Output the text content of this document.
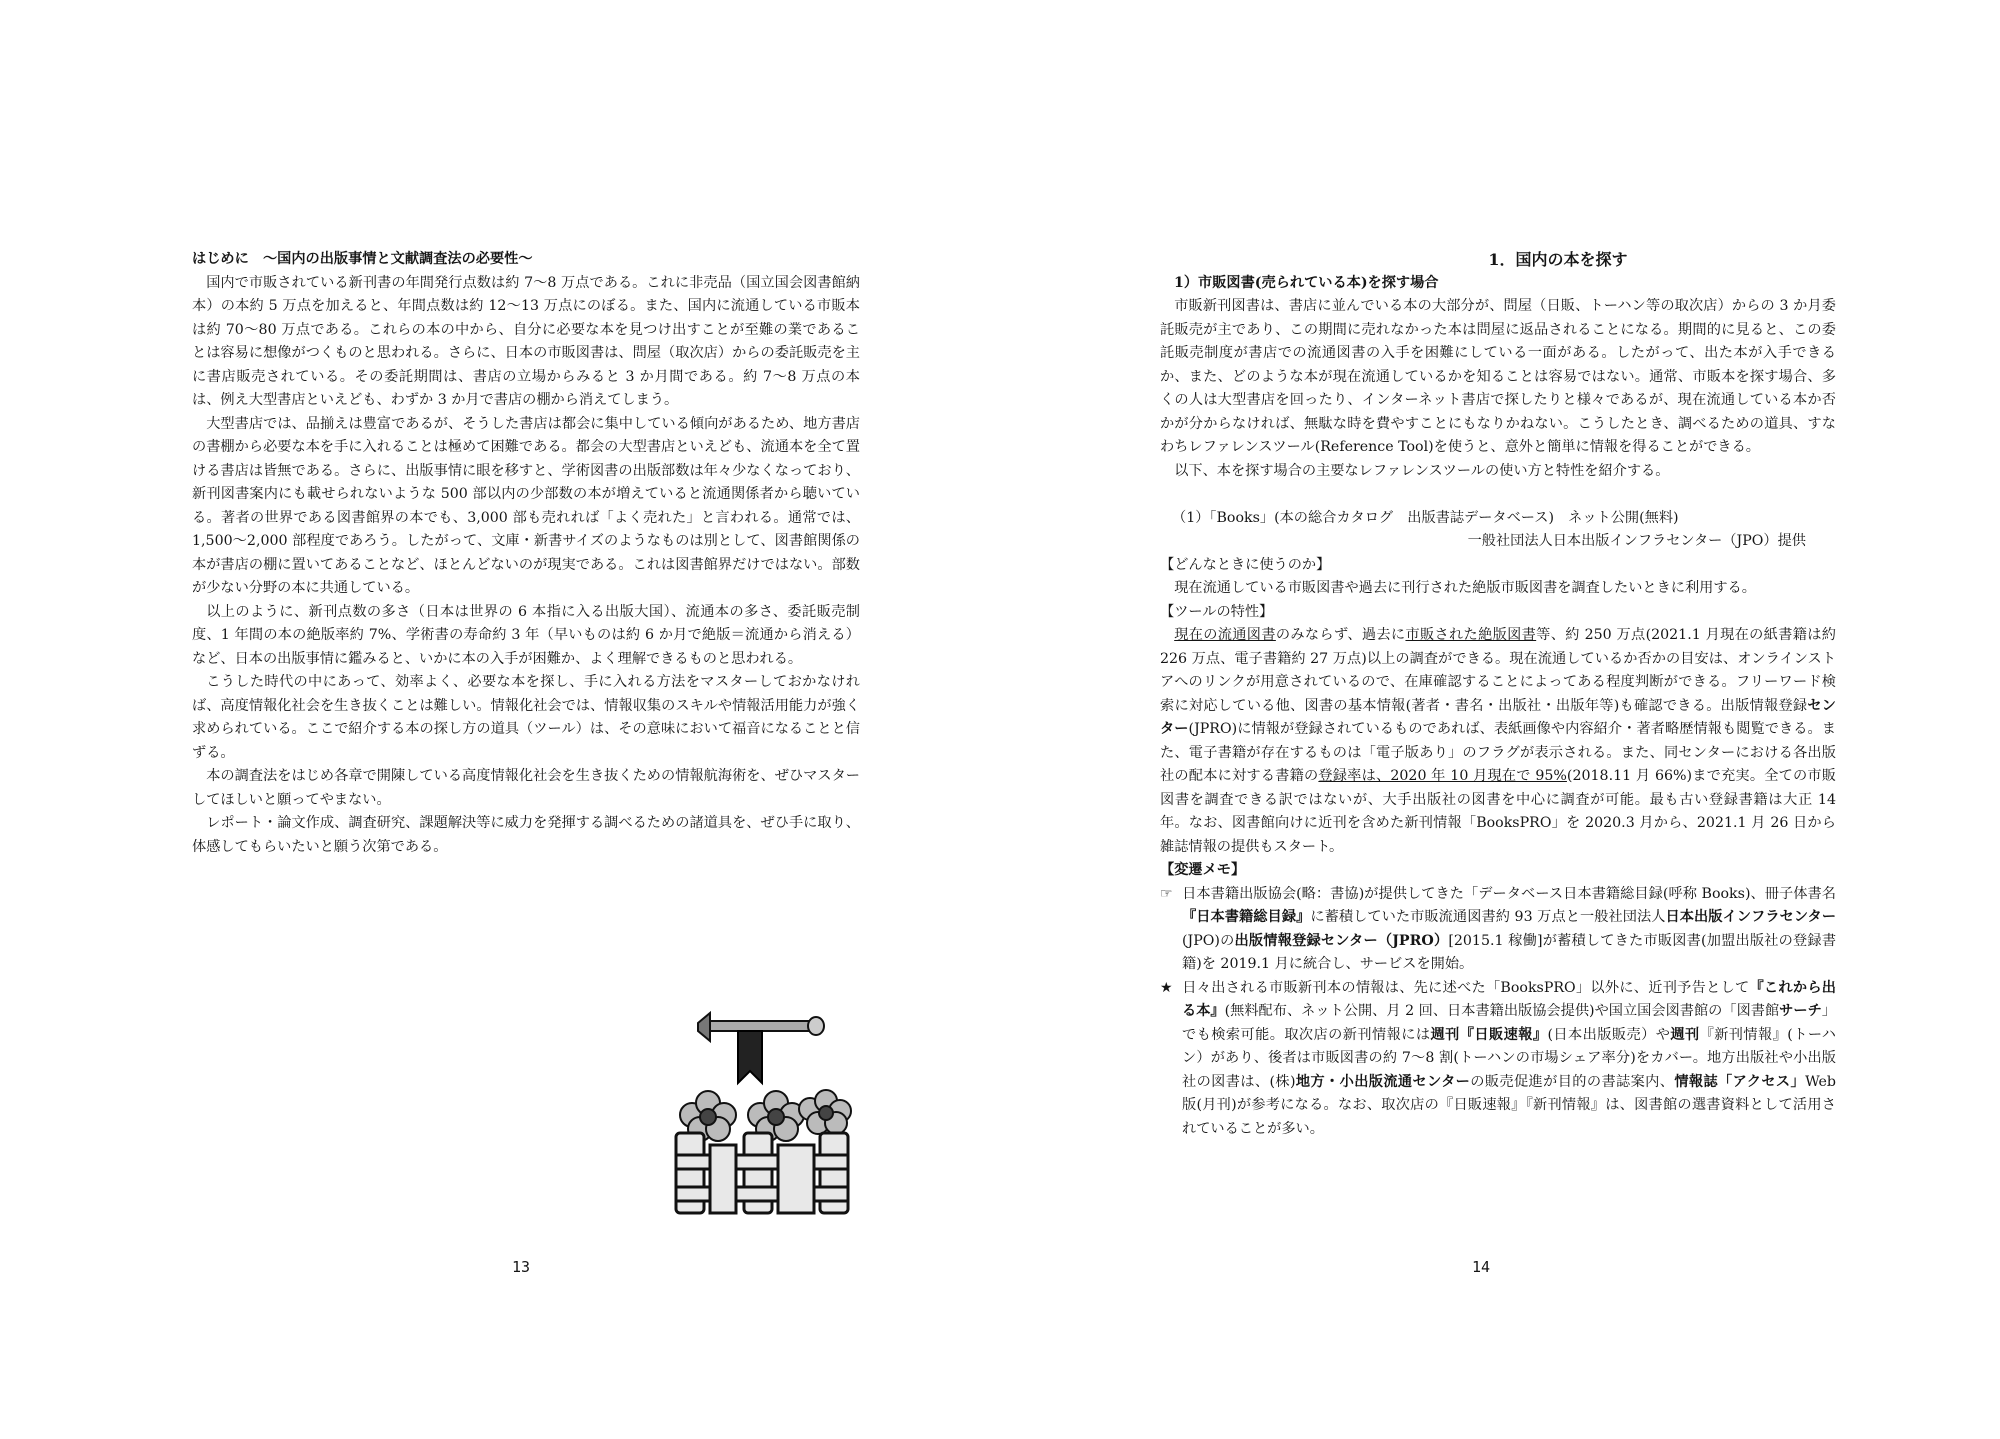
はじめに　～国内の出版事情と文献調査法の必要性～

国内で市販されている新刊書の年間発行点数は約 7～8 万点である。これに非売品（国立国会図書館納本）の本約 5 万点を加えると、年間点数は約 12～13 万点にのぼる。また、国内に流通している市販本は約 70～80 万点である。これらの本の中から、自分に必要な本を見つけ出すことが至難の業であることは容易に想像がつくものと思われる。さらに、日本の市販図書は、問屋（取次店）からの委託販売を主に書店販売されている。その委託期間は、書店の立場からみると 3 か月間である。約 7～8 万点の本は、例え大型書店といえども、わずか 3 か月で書店の棚から消えてしまう。

大型書店では、品揃えは豊富であるが、そうした書店は都会に集中している傾向があるため、地方書店の書棚から必要な本を手に入れることは極めて困難である。都会の大型書店といえども、流通本を全て置ける書店は皆無である。さらに、出版事情に眼を移すと、学術図書の出版部数は年々少なくなっており、新刊図書案内にも載せられないような 500 部以内の少部数の本が増えていると流通関係者から聴いている。著者の世界である図書館界の本でも、3,000 部も売れれば「よく売れた」と言われる。通常では、1,500～2,000 部程度であろう。したがって、文庫・新書サイズのようなものは別として、図書館関係の本が書店の棚に置いてあることなど、ほとんどないのが現実である。これは図書館界だけではない。部数が少ない分野の本に共通している。

以上のように、新刊点数の多さ（日本は世界の 6 本指に入る出版大国）、流通本の多さ、委託販売制度、1 年間の本の絶版率約 7%、学術書の寿命約 3 年（早いものは約 6 か月で絶版＝流通から消える）など、日本の出版事情に鑑みると、いかに本の入手が困難か、よく理解できるものと思われる。

こうした時代の中にあって、効率よく、必要な本を探し、手に入れる方法をマスターしておかなければ、高度情報化社会を生き抜くことは難しい。情報化社会では、情報収集のスキルや情報活用能力が強く求められている。ここで紹介する本の探し方の道具（ツール）は、その意味において福音になることと信ずる。

本の調査法をはじめ各章で開陳している高度情報化社会を生き抜くための情報航海術を、ぜひマスターしてほしいと願ってやまない。

レポート・論文作成、調査研究、課題解決等に威力を発揮する調べるための諸道具を、ぜひ手に取り、体感してもらいたいと願う次第である。

13

1．国内の本を探す

1）市販図書(売られている本)を探す場合

市販新刊図書は、書店に並んでいる本の大部分が、問屋（日販、トーハン等の取次店）からの 3 か月委託販売が主であり、この期間に売れなかった本は問屋に返品されることになる。期間的に見ると、この委託販売制度が書店での流通図書の入手を困難にしている一面がある。したがって、出た本が入手できるか、また、どのような本が現在流通しているかを知ることは容易ではない。通常、市販本を探す場合、多くの人は大型書店を回ったり、インターネット書店で探したりと様々であるが、現在流通している本か否かが分からなければ、無駄な時を費やすことにもなりかねない。こうしたとき、調べるための道具、すなわちレファレンスツール(Reference Tool)を使うと、意外と簡単に情報を得ることができる。

以下、本を探す場合の主要なレファレンスツールの使い方と特性を紹介する。

（1）「Books」(本の総合カタログ　出版書誌データベース)　ネット公開(無料)

一般社団法人日本出版インフラセンター（JPO）提供

【どんなときに使うのか】

現在流通している市販図書や過去に刊行された絶版市販図書を調査したいときに利用する。

【ツールの特性】

現在の流通図書のみならず、過去に市販された絶版図書等、約 250 万点(2021.1 月現在の紙書籍は約 226 万点、電子書籍約 27 万点)以上の調査ができる。現在流通しているか否かの目安は、オンラインストアへのリンクが用意されているので、在庫確認することによってある程度判断ができる。フリーワード検索に対応している他、図書の基本情報(著者・書名・出版社・出版年等)も確認できる。出版情報登録センター(JPRO)に情報が登録されているものであれば、表紙画像や内容紹介・著者略歴情報も閲覧できる。また、電子書籍が存在するものは「電子版あり」のフラグが表示される。また、同センターにおける各出版社の配本に対する書籍の登録率は、2020 年 10 月現在で 95%(2018.11 月 66%)まで充実。全ての市販図書を調査できる訳ではないが、大手出版社の図書を中心に調査が可能。最も古い登録書籍は大正 14 年。なお、図書館向けに近刊を含めた新刊情報「BooksPRO」を 2020.3 月から、2021.1 月 26 日から雑誌情報の提供もスタート。

【変遷メモ】

☞ 日本書籍出版協会(略：書協)が提供してきた「データベース日本書籍総目録(呼称 Books)、冊子体書名『日本書籍総目録』に蓄積していた市販流通図書約 93 万点と一般社団法人日本出版インフラセンター(JPO)の出版情報登録センター（JPRO）[2015.1 稼働]が蓄積してきた市販図書(加盟出版社の登録書籍)を 2019.1 月に統合し、サービスを開始。

★ 日々出される市販新刊本の情報は、先に述べた「BooksPRO」以外に、近刊予告として『これから出る本』(無料配布、ネット公開、月 2 回、日本書籍出版協会提供)や国立国会図書館の「図書館サーチ」でも検索可能。取次店の新刊情報には週刊『日販速報』(日本出版販売）や週刊『新刊情報』(トーハン）があり、後者は市販図書の約 7～8 割(トーハンの市場シェア率分)をカバー。地方出版社や小出版社の図書は、(株)地方・小出版流通センターの販売促進が目的の書誌案内、情報誌「アクセス」Web 版(月刊)が参考になる。なお、取次店の『日販速報』『新刊情報』は、図書館の選書資料として活用されていることが多い。

14
